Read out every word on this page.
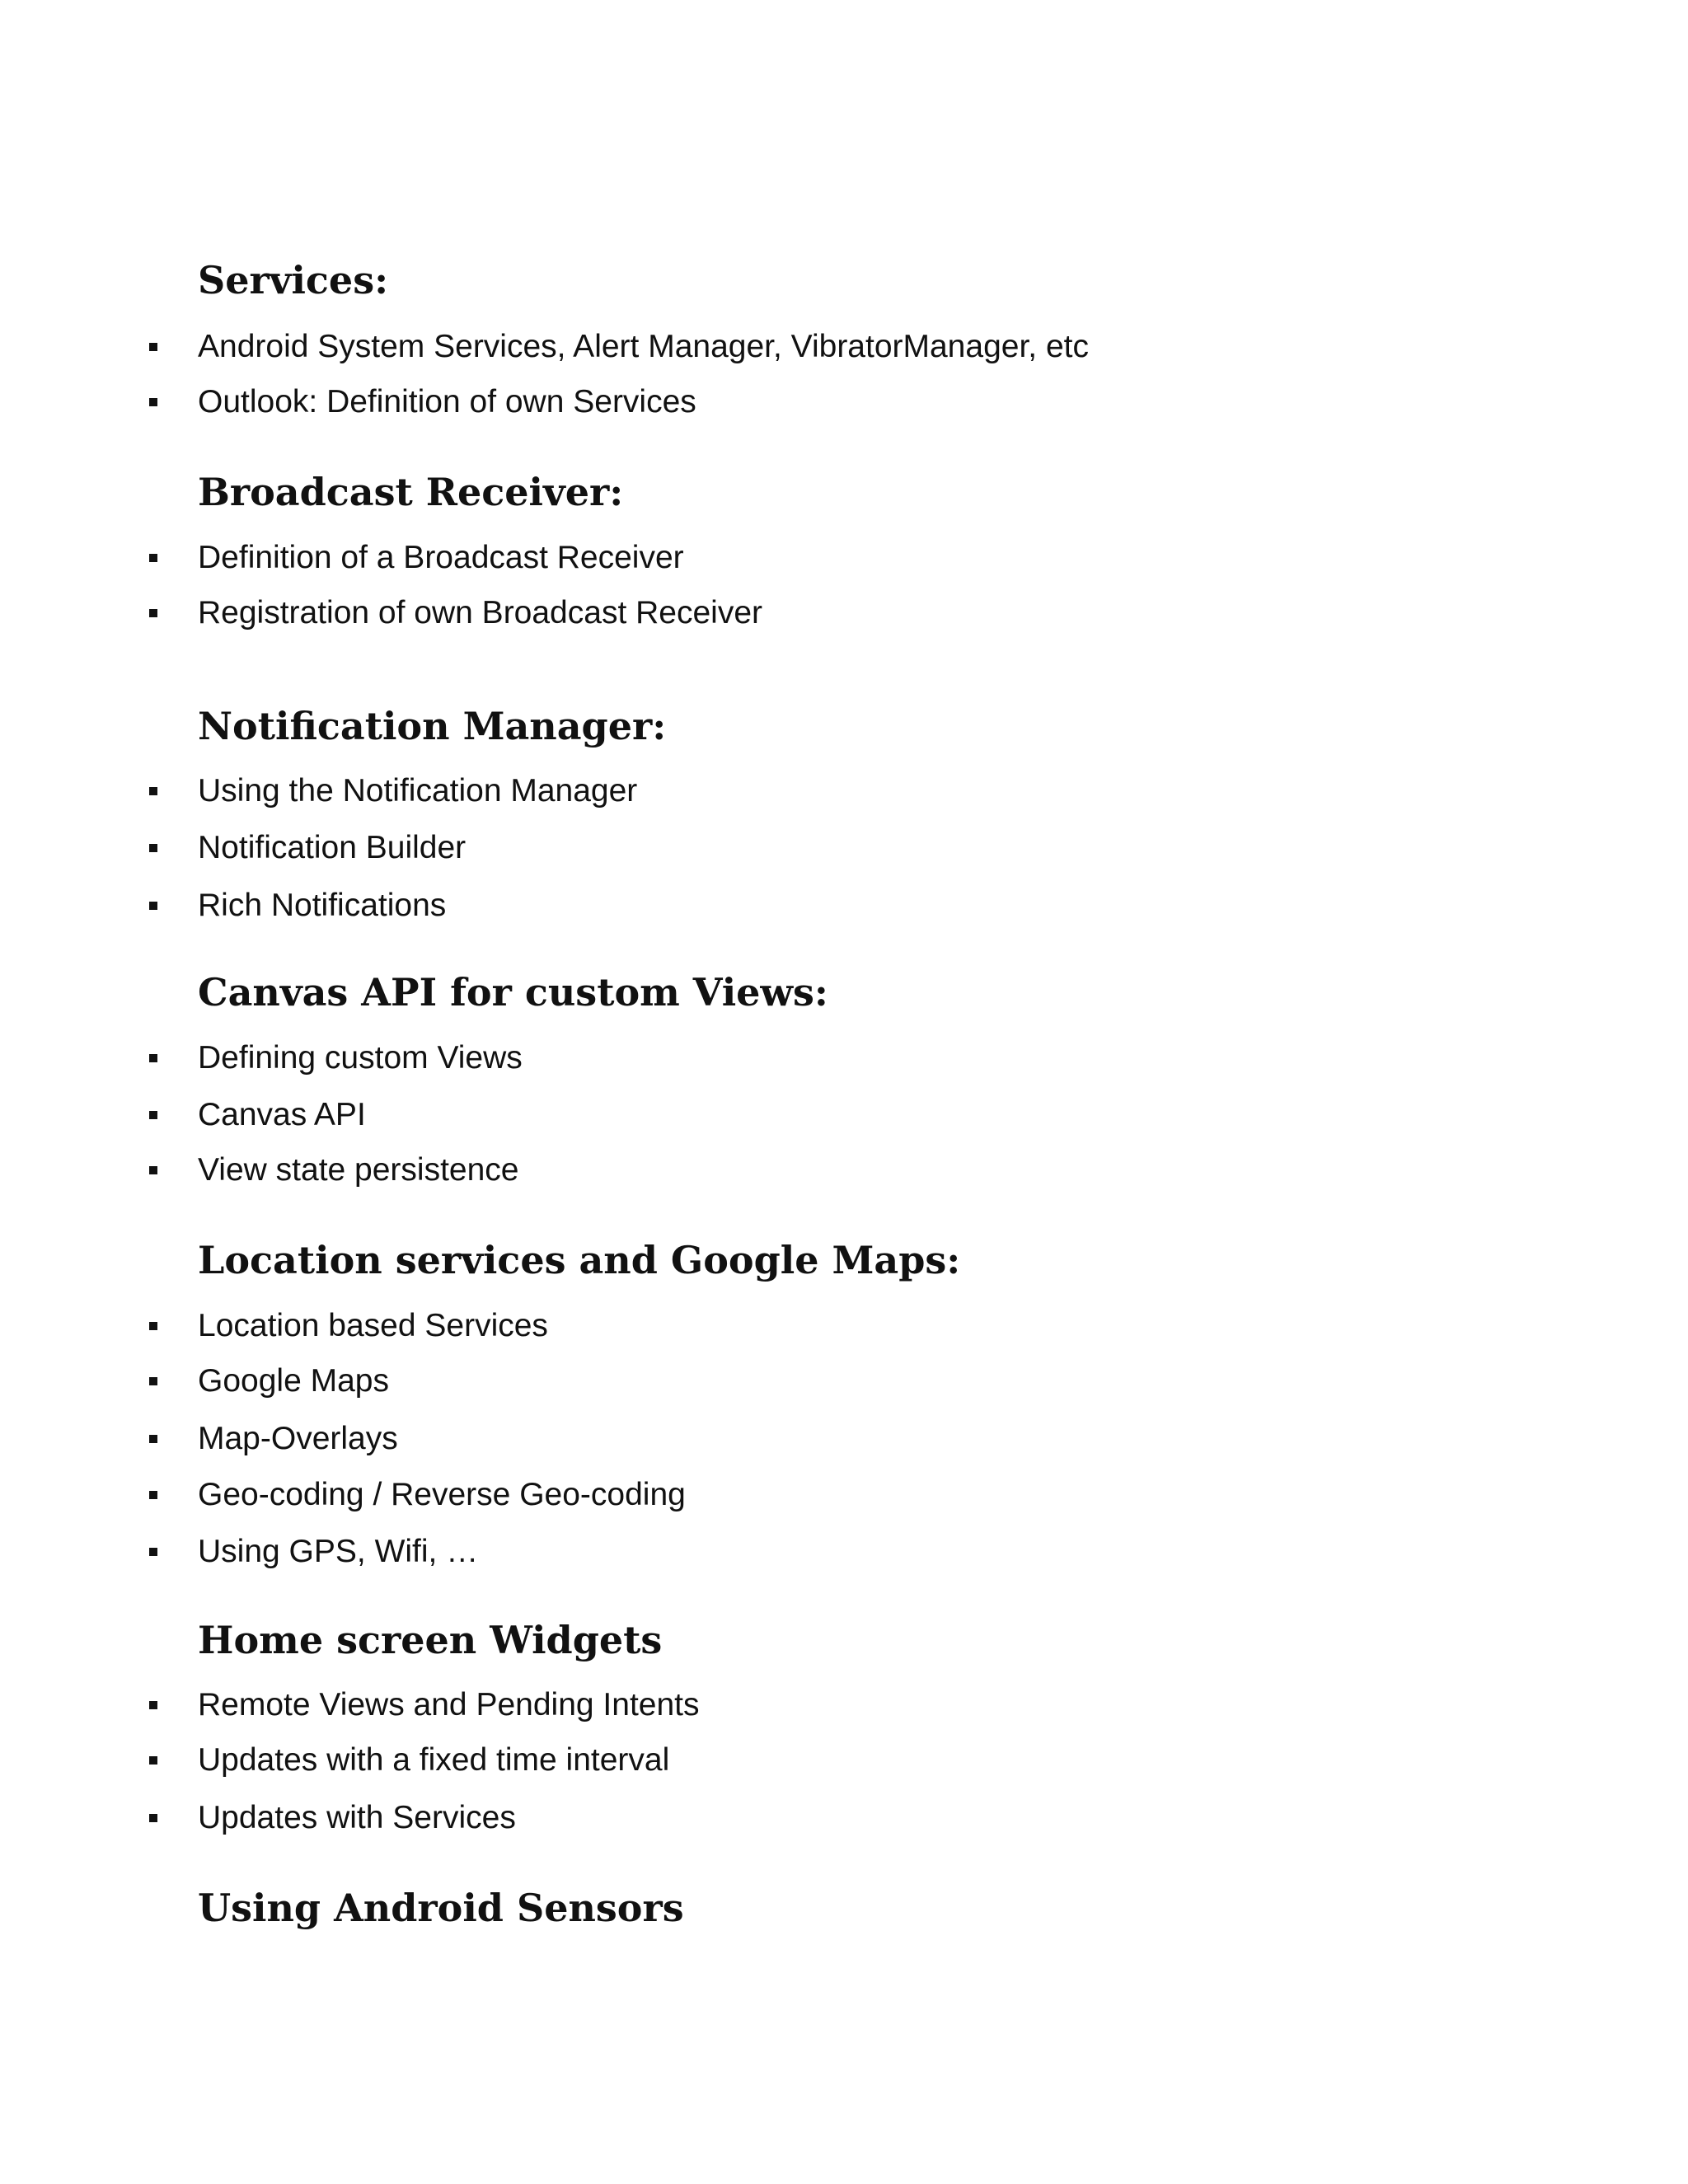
Services:
Android System Services, Alert Manager, VibratorManager, etc
Outlook: Definition of own Services
Broadcast Receiver:
Definition of a Broadcast Receiver
Registration of own Broadcast Receiver
Notification Manager:
Using the Notification Manager
Notification Builder
Rich Notifications
Canvas API for custom Views:
Defining custom Views
Canvas API
View state persistence
Location services and Google Maps:
Location based Services
Google Maps
Map-Overlays
Geo-coding / Reverse Geo-coding
Using GPS, Wifi, …
Home screen Widgets
Remote Views and Pending Intents
Updates with a fixed time interval
Updates with Services
Using Android Sensors
